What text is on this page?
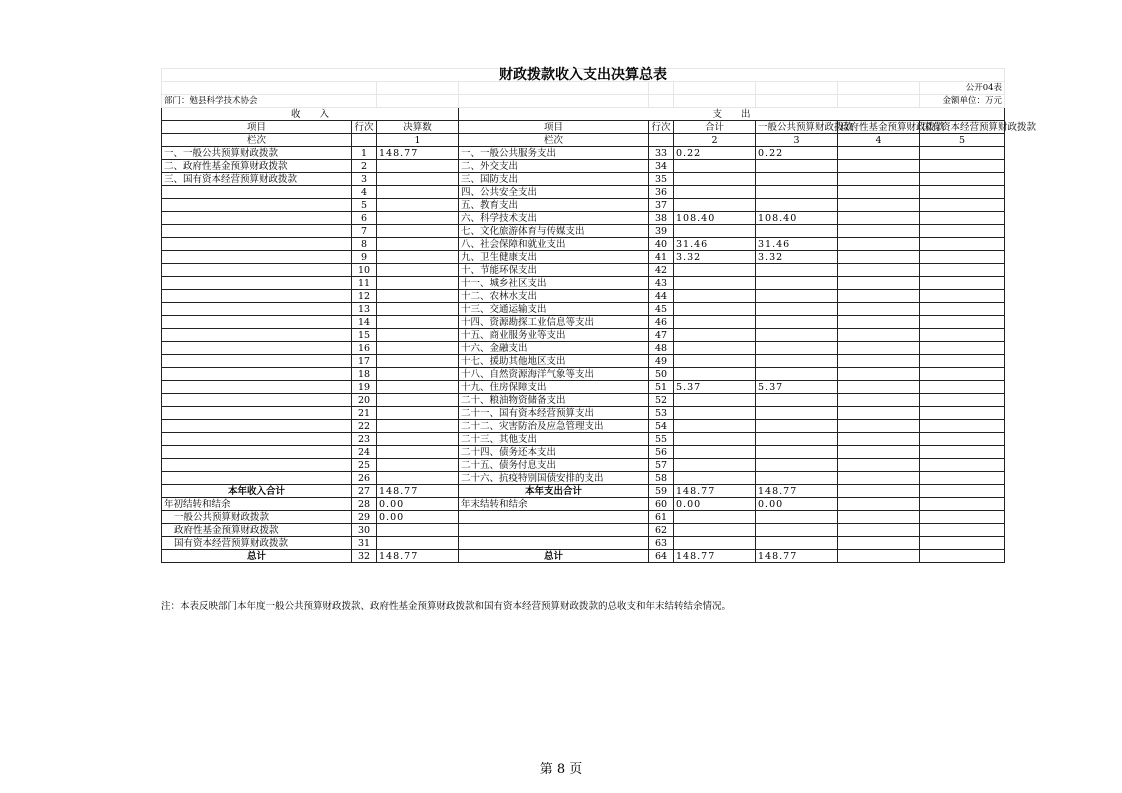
财政拨款收入支出决算总表								
								公开04表
部门：勉县科学技术协会								金额单位：万元
收　　入			支　　出					
项目	行次	决算数	项目	行次	合计	一般公共预算财政拨款	政府性基金预算财政拨款	国有资本经营预算财政拨款
栏次		1	栏次		2	3	4	5
一、一般公共预算财政拨款	1	148.77	一、一般公共服务支出	33	0.22	0.22		
二、政府性基金预算财政拨款	2		二、外交支出	34				
三、国有资本经营预算财政拨款	3		三、国防支出	35				
	4		四、公共安全支出	36				
	5		五、教育支出	37				
	6		六、科学技术支出	38	108.40	108.40		
	7		七、文化旅游体育与传媒支出	39				
	8		八、社会保障和就业支出	40	31.46	31.46		
	9		九、卫生健康支出	41	3.32	3.32		
	10		十、节能环保支出	42				
	11		十一、城乡社区支出	43				
	12		十二、农林水支出	44				
	13		十三、交通运输支出	45				
	14		十四、资源勘探工业信息等支出	46				
	15		十五、商业服务业等支出	47				
	16		十六、金融支出	48				
	17		十七、援助其他地区支出	49				
	18		十八、自然资源海洋气象等支出	50				
	19		十九、住房保障支出	51	5.37	5.37		
	20		二十、粮油物资储备支出	52				
	21		二十一、国有资本经营预算支出	53				
	22		二十二、灾害防治及应急管理支出	54				
	23		二十三、其他支出	55				
	24		二十四、债务还本支出	56				
	25		二十五、债务付息支出	57				
	26		二十六、抗疫特别国债安排的支出	58				
本年收入合计	27	148.77	本年支出合计	59	148.77	148.77		
年初结转和结余	28	0.00	年末结转和结余	60	0.00	0.00		
一般公共预算财政拨款	29	0.00		61				
政府性基金预算财政拨款	30			62				
国有资本经营预算财政拨款	31			63				
总计	32	148.77	总计	64	148.77	148.77		
注：本表反映部门本年度一般公共预算财政拨款、政府性基金预算财政拨款和国有资本经营预算财政拨款的总收支和年末结转结余情况。
第 8 页
